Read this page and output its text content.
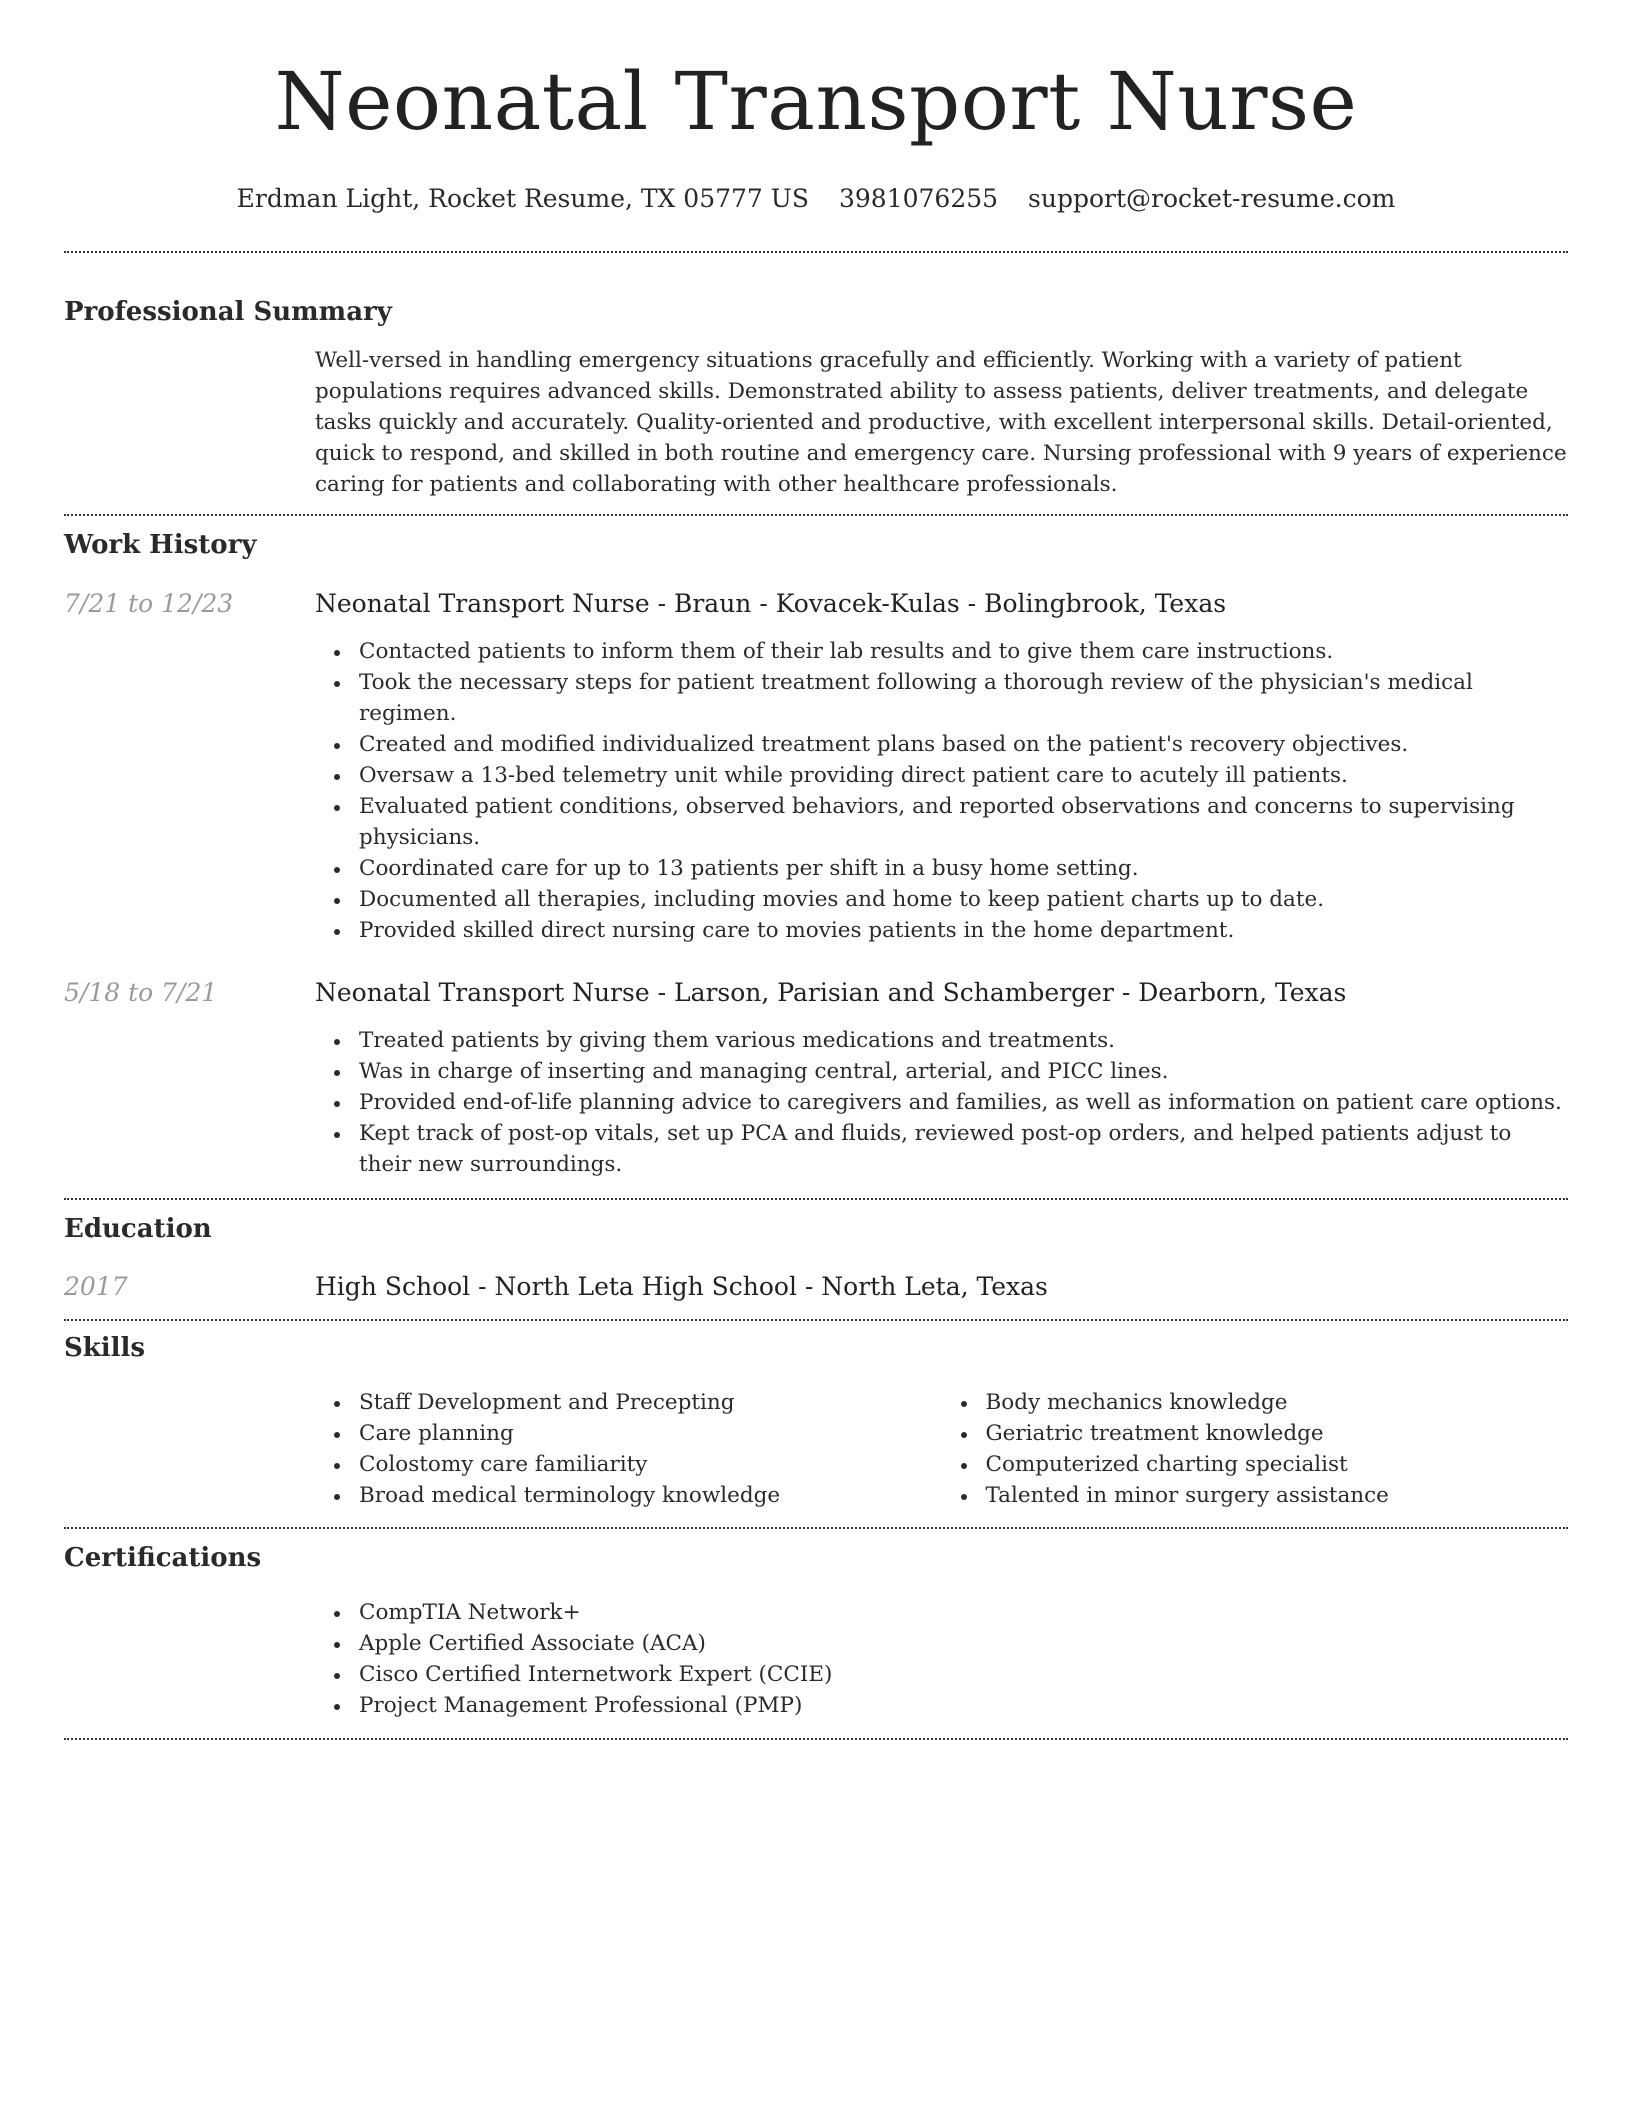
Neonatal Transport Nurse
Erdman Light, Rocket Resume, TX 05777 US 3981076255 support@rocket-resume.com
Professional Summary

Well-versed in handling emergency situations gracefully and efficiently. Working with a variety of patient populations requires advanced skills. Demonstrated ability to assess patients, deliver treatments, and delegate tasks quickly and accurately. Quality-oriented and productive, with excellent interpersonal skills. Detail-oriented, quick to respond, and skilled in both routine and emergency care. Nursing professional with 9 years of experience caring for patients and collaborating with other healthcare professionals.

Work History
7/21 to 12/23	Neonatal Transport Nurse - Braun - Kovacek-Kulas - Bolingbrook, Texas
Contacted patients to inform them of their lab results and to give them care instructions.
Took the necessary steps for patient treatment following a thorough review of the physician's medical regimen.
Created and modified individualized treatment plans based on the patient's recovery objectives.
Oversaw a 13-bed telemetry unit while providing direct patient care to acutely ill patients.
Evaluated patient conditions, observed behaviors, and reported observations and concerns to supervising physicians.
Coordinated care for up to 13 patients per shift in a busy home setting.
Documented all therapies, including movies and home to keep patient charts up to date.
Provided skilled direct nursing care to movies patients in the home department.
5/18 to 7/21	Neonatal Transport Nurse - Larson, Parisian and Schamberger - Dearborn, Texas
Treated patients by giving them various medications and treatments.
Was in charge of inserting and managing central, arterial, and PICC lines.
Provided end-of-life planning advice to caregivers and families, as well as information on patient care options.
Kept track of post-op vitals, set up PCA and fluids, reviewed post-op orders, and helped patients adjust to their new surroundings.
Education
2017	High School - North Leta High School - North Leta, Texas
Skills
Staff Development and Precepting
Care planning
Colostomy care familiarity
Broad medical terminology knowledge
Body mechanics knowledge
Geriatric treatment knowledge
Computerized charting specialist
Talented in minor surgery assistance
Certifications
CompTIA Network+
Apple Certified Associate (ACA)
Cisco Certified Internetwork Expert (CCIE)
Project Management Professional (PMP)
